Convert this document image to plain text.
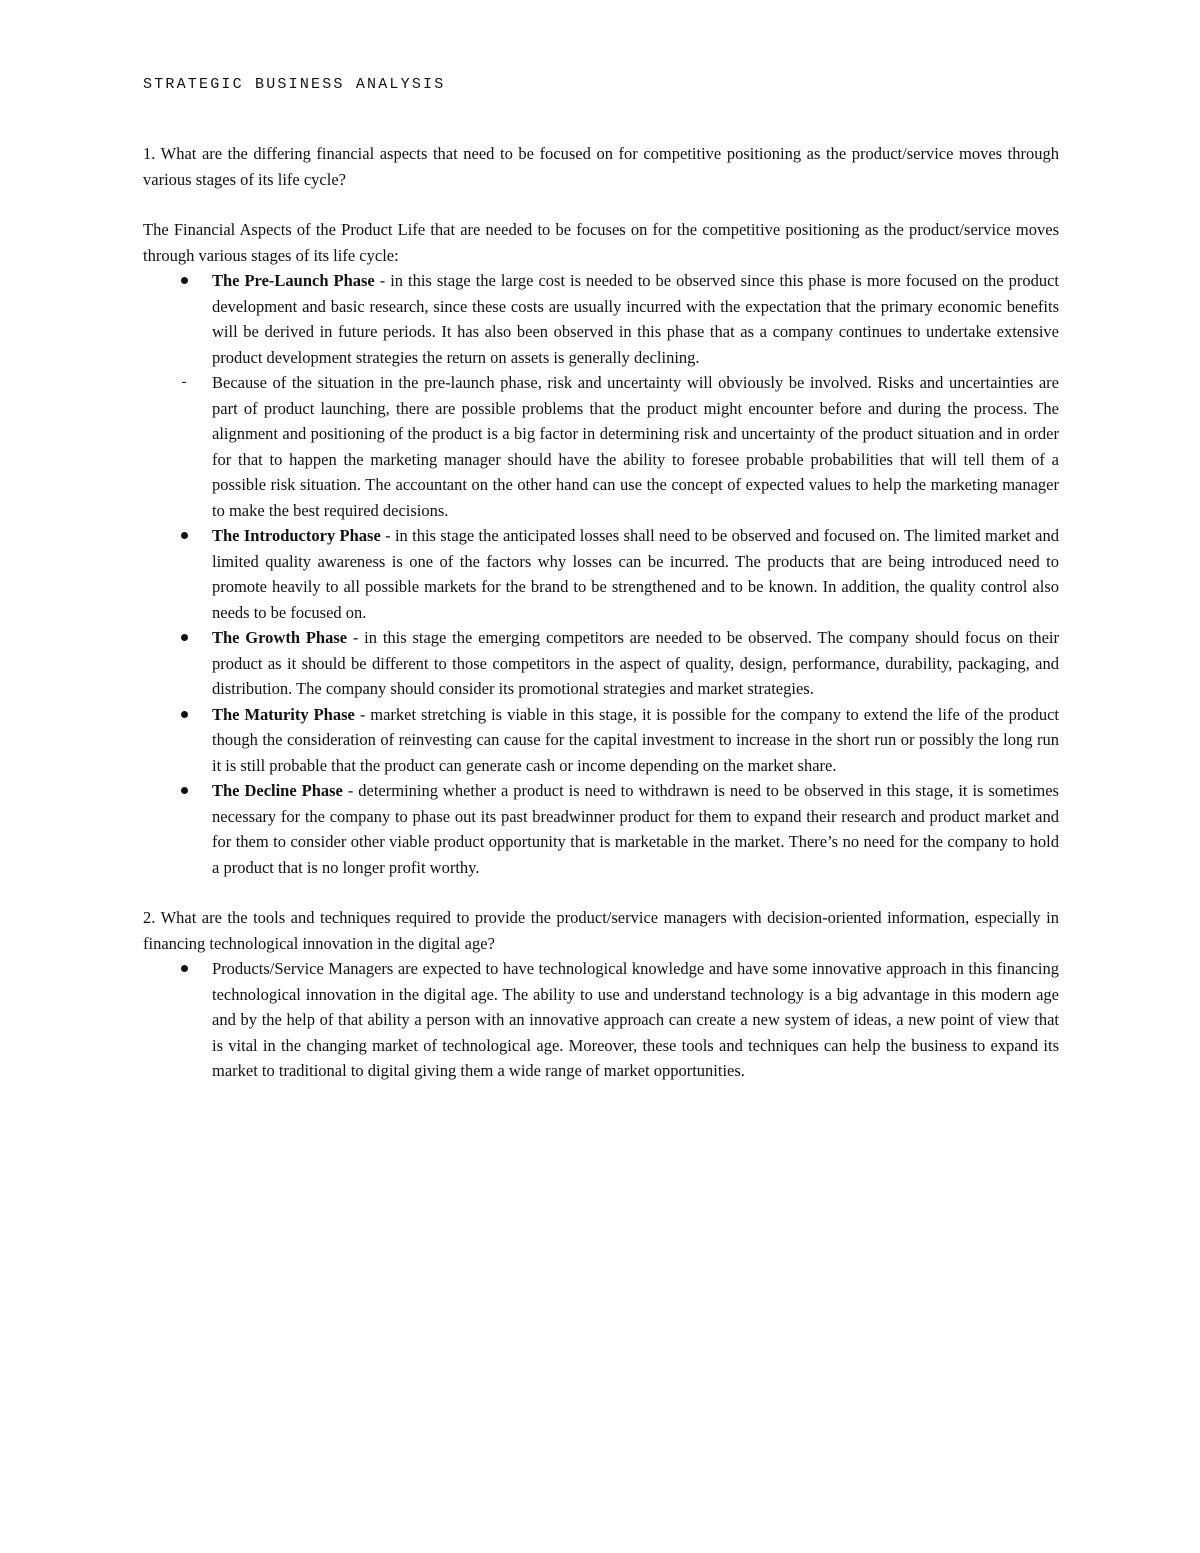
STRATEGIC BUSINESS ANALYSIS

1. What are the differing financial aspects that need to be focused on for competitive positioning as the product/service moves through various stages of its life cycle?

The Financial Aspects of the Product Life that are needed to be focuses on for the competitive positioning as the product/service moves through various stages of its life cycle:

The Pre-Launch Phase - in this stage the large cost is needed to be observed since this phase is more focused on the product development and basic research, since these costs are usually incurred with the expectation that the primary economic benefits will be derived in future periods. It has also been observed in this phase that as a company continues to undertake extensive product development strategies the return on assets is generally declining.
- Because of the situation in the pre-launch phase, risk and uncertainty will obviously be involved. Risks and uncertainties are part of product launching, there are possible problems that the product might encounter before and during the process. The alignment and positioning of the product is a big factor in determining risk and uncertainty of the product situation and in order for that to happen the marketing manager should have the ability to foresee probable probabilities that will tell them of a possible risk situation. The accountant on the other hand can use the concept of expected values to help the marketing manager to make the best required decisions.
The Introductory Phase - in this stage the anticipated losses shall need to be observed and focused on. The limited market and limited quality awareness is one of the factors why losses can be incurred. The products that are being introduced need to promote heavily to all possible markets for the brand to be strengthened and to be known. In addition, the quality control also needs to be focused on.
The Growth Phase - in this stage the emerging competitors are needed to be observed. The company should focus on their product as it should be different to those competitors in the aspect of quality, design, performance, durability, packaging, and distribution. The company should consider its promotional strategies and market strategies.
The Maturity Phase - market stretching is viable in this stage, it is possible for the company to extend the life of the product though the consideration of reinvesting can cause for the capital investment to increase in the short run or possibly the long run it is still probable that the product can generate cash or income depending on the market share.
The Decline Phase - determining whether a product is need to withdrawn is need to be observed in this stage, it is sometimes necessary for the company to phase out its past breadwinner product for them to expand their research and product market and for them to consider other viable product opportunity that is marketable in the market. There’s no need for the company to hold a product that is no longer profit worthy.

2. What are the tools and techniques required to provide the product/service managers with decision-oriented information, especially in financing technological innovation in the digital age?

Products/Service Managers are expected to have technological knowledge and have some innovative approach in this financing technological innovation in the digital age. The ability to use and understand technology is a big advantage in this modern age and by the help of that ability a person with an innovative approach can create a new system of ideas, a new point of view that is vital in the changing market of technological age. Moreover, these tools and techniques can help the business to expand its market to traditional to digital giving them a wide range of market opportunities.
